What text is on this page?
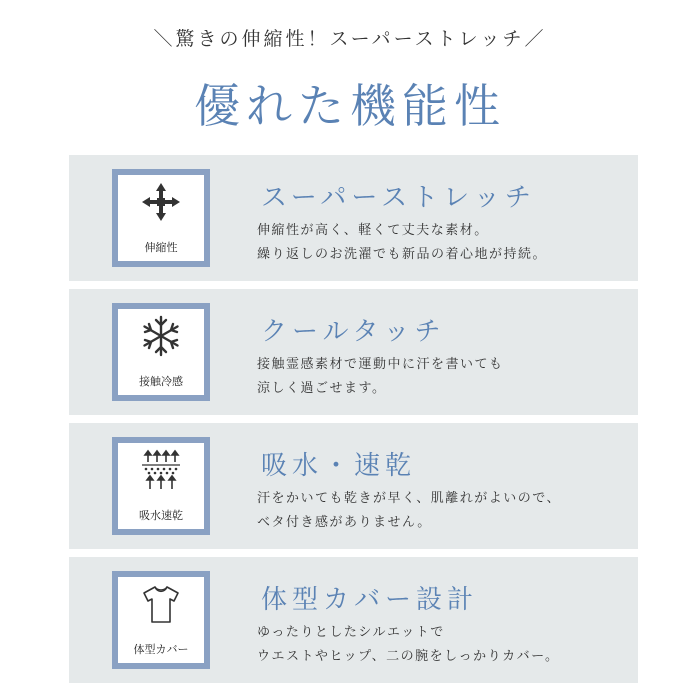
＼驚きの伸縮性！スーパーストレッチ／
優れた機能性
伸縮性
スーパーストレッチ
伸縮性が高く、軽くて丈夫な素材。
繰り返しのお洗濯でも新品の着心地が持続。
接触冷感
クールタッチ
接触霊感素材で運動中に汗を書いても
涼しく過ごせます。
吸水速乾
吸水・速乾
汗をかいても乾きが早く、肌離れがよいので、
ベタ付き感がありません。
体型カバー
体型カバー設計
ゆったりとしたシルエットで
ウエストやヒップ、二の腕をしっかりカバー。
